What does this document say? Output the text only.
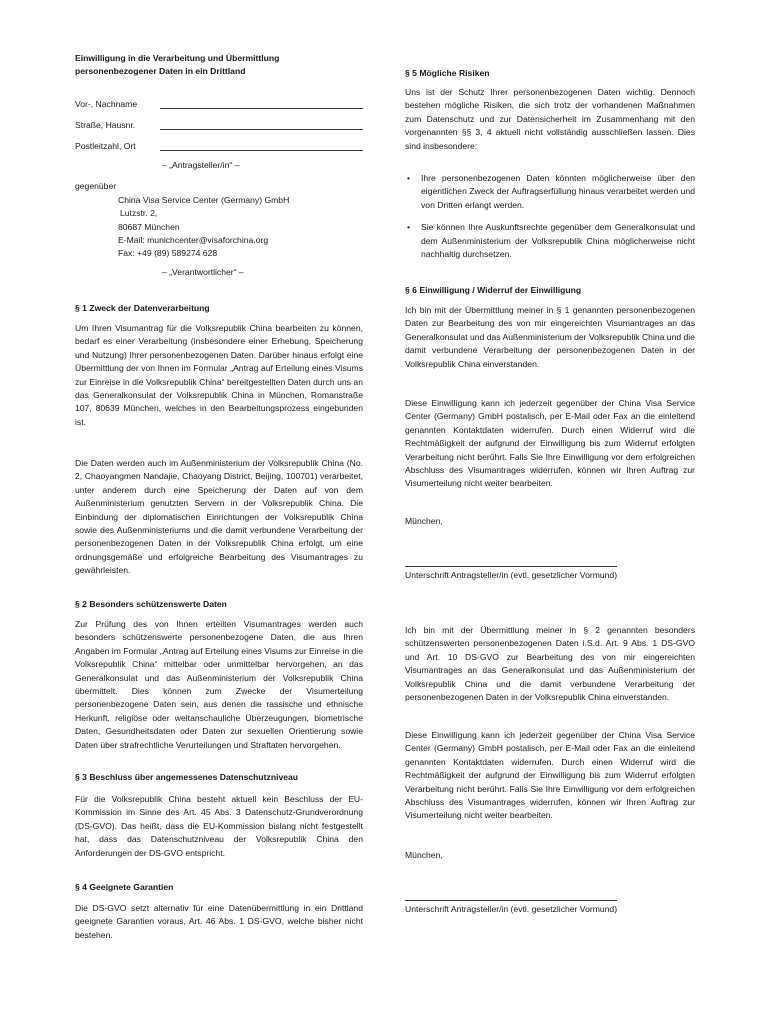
Einwilligung in die Verarbeitung und Übermittlung
personenbezogener Daten in ein Drittland
Vor-, Nachname
Straße, Hausnr.
Postleitzahl, Ort
– „Antragsteller/in“ –
gegenüber
China Visa Service Center (Germany) GmbH
Lutzstr. 2,
80687 München
E-Mail: munichcenter@visaforchina.org
Fax: +49 (89) 589274 628
– „Verantwortlicher“ –
§ 1 Zweck der Datenverarbeitung
Um Ihren Visumantrag für die Volksrepublik China bearbeiten zu können, bedarf es einer Verarbeitung (insbesondere einer Erhebung, Speicherung und Nutzung) Ihrer personenbezogenen Daten. Darüber hinaus erfolgt eine Übermittlung der von Ihnen im Formular „Antrag auf Erteilung eines Visums zur Einreise in die Volksrepublik China“ bereitgestellten Daten durch uns an das Generalkonsulat der Volksrepublik China in München, Romanstraße 107, 80639 München, welches in den Bearbeitungsprozess eingebunden ist.
Die Daten werden auch im Außenministerium der Volksrepublik China (No. 2, Chaoyangmen Nandajie, Chaoyang District, Beijing, 100701) verarbeitet, unter anderem durch eine Speicherung der Daten auf von dem Außenministerium genutzten Servern in der Volksrepublik China. Die Einbindung der diplomatischen Einrichtungen der Volksrepublik China sowie des Außenministeriums und die damit verbundene Verarbeitung der personenbezogenen Daten in der Volksrepublik China erfolgt, um eine ordnungsgemäße und erfolgreiche Bearbeitung des Visumantrages zu gewährleisten.
§ 2 Besonders schützenswerte Daten
Zur Prüfung des von Ihnen erteilten Visumantrages werden auch besonders schützenswerte personenbezogene Daten, die aus Ihren Angaben im Formular „Antrag auf Erteilung eines Visums zur Einreise in die Volksrepublik China“ mittelbar oder unmittelbar hervorgehen, an das Generalkonsulat und das Außenministerium der Volksrepublik China übermittelt. Dies können zum Zwecke der Visumerteilung personenbezogene Daten sein, aus denen die rassische und ethnische Herkunft, religiöse oder weltanschauliche Überzeugungen, biometrische Daten, Gesundheitsdaten oder Daten zur sexuellen Orientierung sowie Daten über strafrechtliche Verurteilungen und Straftaten hervorgehen.
§ 3 Beschluss über angemessenes Datenschutzniveau
Für die Volksrepublik China besteht aktuell kein Beschluss der EU-Kommission im Sinne des Art. 45 Abs. 3 Datenschutz-Grundverordnung (DS-GVO). Das heißt, dass die EU-Kommission bislang nicht festgestellt hat, dass das Datenschutzniveau der Volksrepublik China den Anforderungen der DS-GVO entspricht.
§ 4 Geeignete Garantien
Die DS-GVO setzt alternativ für eine Datenübermittlung in ein Drittland geeignete Garantien voraus, Art. 46 Abs. 1 DS-GVO, welche bisher nicht bestehen.
§ 5 Mögliche Risiken
Uns ist der Schutz Ihrer personenbezogenen Daten wichtig. Dennoch bestehen mögliche Risiken, die sich trotz der vorhandenen Maßnahmen zum Datenschutz und zur Datensicherheit im Zusammenhang mit den vorgenannten §§ 3, 4 aktuell nicht vollständig ausschließen lassen. Dies sind insbesondere:
• Ihre personenbezogenen Daten könnten möglicherweise über den eigentlichen Zweck der Auftragserfüllung hinaus verarbeitet werden und von Dritten erlangt werden.
• Sie können Ihre Auskunftsrechte gegenüber dem Generalkonsulat und dem Außenministerium der Volksrepublik China möglicherweise nicht nachhaltig durchsetzen.
§ 6 Einwilligung / Widerruf der Einwilligung
Ich bin mit der Übermittlung meiner in § 1 genannten personenbezogenen Daten zur Bearbeitung des von mir eingereichten Visumantrages an das Generalkonsulat und das Außenministerium der Volksrepublik China und die damit verbundene Verarbeitung der personenbezogenen Daten in der Volksrepublik China einverstanden.
Diese Einwilligung kann ich jederzeit gegenüber der China Visa Service Center (Germany) GmbH postalisch, per E-Mail oder Fax an die einleitend genannten Kontaktdaten widerrufen. Durch einen Widerruf wird die Rechtmäßigkeit der aufgrund der Einwilligung bis zum Widerruf erfolgten Verarbeitung nicht berührt. Falls Sie Ihre Einwilligung vor dem erfolgreichen Abschluss des Visumantrages widerrufen, können wir Ihren Auftrag zur Visumerteilung nicht weiter bearbeiten.
München,
Unterschrift Antragsteller/in (evtl. gesetzlicher Vormund)
Ich bin mit der Übermittlung meiner in § 2 genannten besonders schützenswerten personenbezogenen Daten i.S.d. Art. 9 Abs. 1 DS-GVO und Art. 10 DS-GVO zur Bearbeitung des von mir eingereichten Visumantrages an das Generalkonsulat und das Außenministerium der Volksrepublik China und die damit verbundene Verarbeitung der personenbezogenen Daten in der Volksrepublik China einverstanden.
Diese Einwilligung kann ich jederzeit gegenüber der China Visa Service Center (Germany) GmbH postalisch, per E-Mail oder Fax an die einleitend genannten Kontaktdaten widerrufen. Durch einen Widerruf wird die Rechtmäßigkeit der aufgrund der Einwilligung bis zum Widerruf erfolgten Verarbeitung nicht berührt. Falls Sie Ihre Einwilligung vor dem erfolgreichen Abschluss des Visumantrages widerrufen, können wir Ihren Auftrag zur Visumerteilung nicht weiter bearbeiten.
München,
Unterschrift Antragsteller/in (evtl. gesetzlicher Vormund)
